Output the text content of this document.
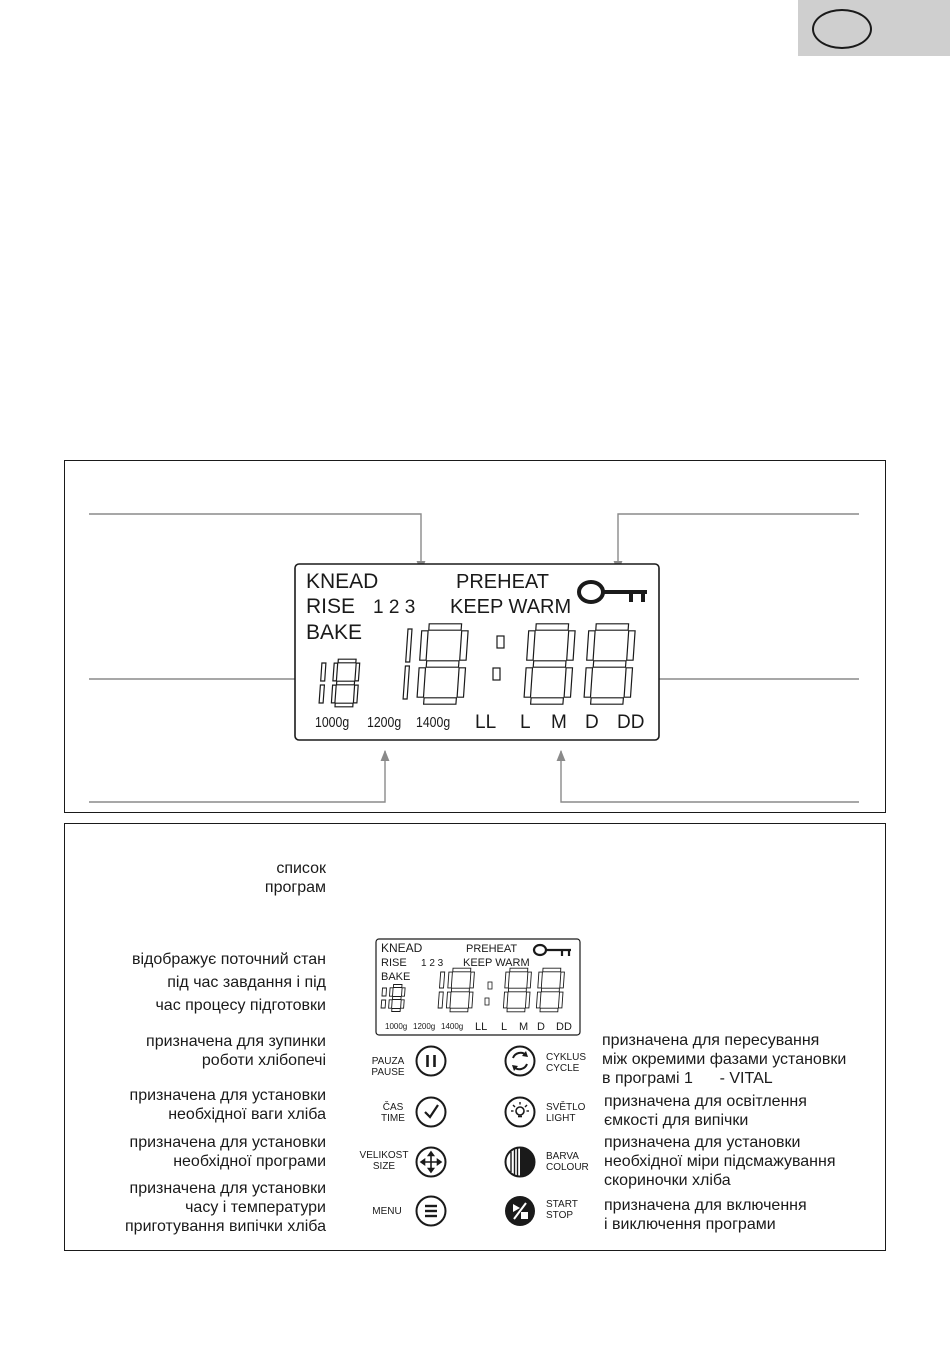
KNEAD
RISE 1 2 3
BAKE
PREHEAT
KEEP WARM
1000g 1200g 1400g LL L M D DD
KNEAD
RISE 1 2 3
BAKE
PREHEAT
KEEP WARM
1000g 1200g 1400g LL L M D DD
список
програм
відображує поточний стан
під час завдання і під
час процесу підготовки
призначена для зупинки
роботи хлібопечі
призначена для установки
необхідної ваги хліба
призначена для установки
необхідної програми
призначена для установки
часу і температури
приготування випічки хліба
призначена для пересування
між окремими фазами установки
в програмі 1      - VITAL
призначена для освітлення
ємкості для випічки
призначена для установки
необхідної міри підсмажування
скориночки хліба
призначена для включення
і виключення програми
PAUZA
PAUSE
ČAS
TIME
VELIKOST
SIZE
MENU
CYKLUS
CYCLE
SVĚTLO
LIGHT
BARVA
COLOUR
START
STOP
